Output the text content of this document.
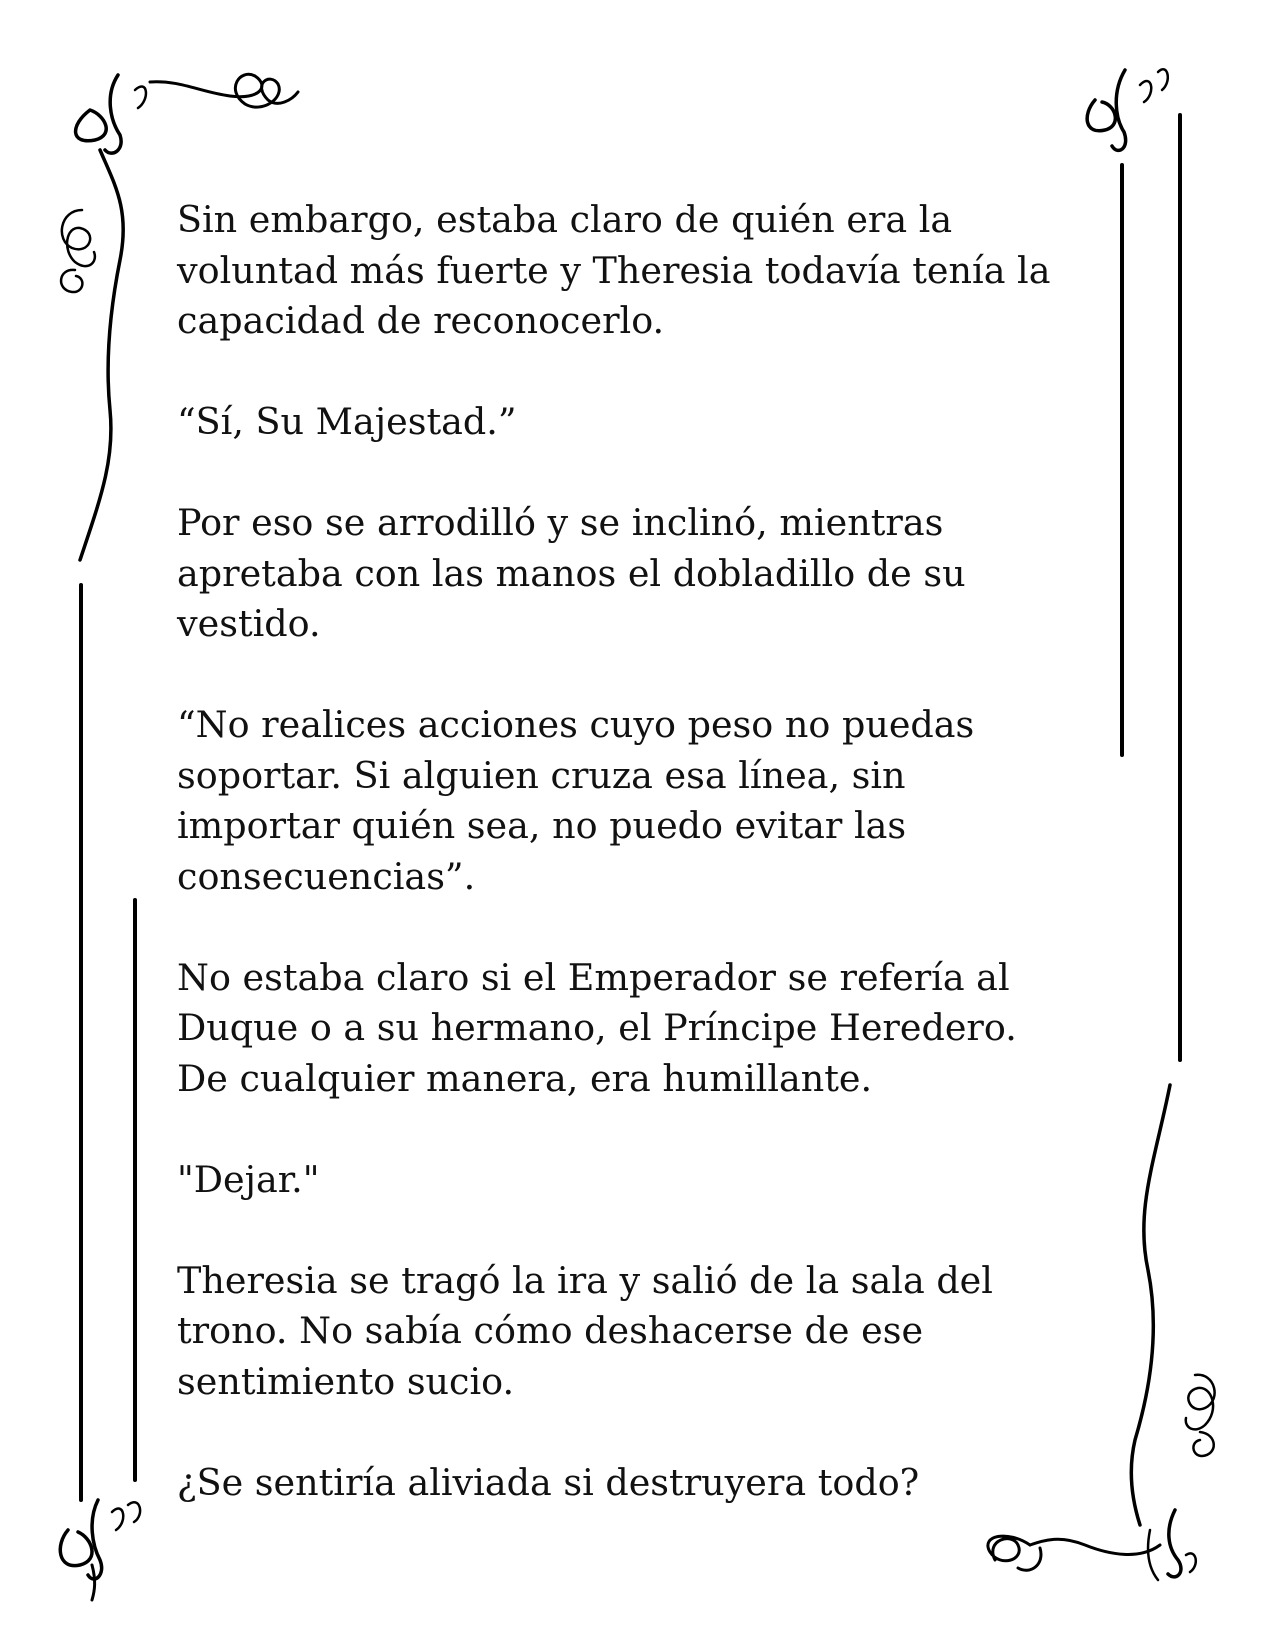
Sin embargo, estaba claro de quién era la
voluntad más fuerte y Theresia todavía tenía la
capacidad de reconocerlo.

“Sí, Su Majestad.”

Por eso se arrodilló y se inclinó, mientras
apretaba con las manos el dobladillo de su
vestido.

“No realices acciones cuyo peso no puedas
soportar. Si alguien cruza esa línea, sin
importar quién sea, no puedo evitar las
consecuencias”.

No estaba claro si el Emperador se refería al
Duque o a su hermano, el Príncipe Heredero.
De cualquier manera, era humillante.

"Dejar."

Theresia se tragó la ira y salió de la sala del
trono. No sabía cómo deshacerse de ese
sentimiento sucio.

¿Se sentiría aliviada si destruyera todo?
